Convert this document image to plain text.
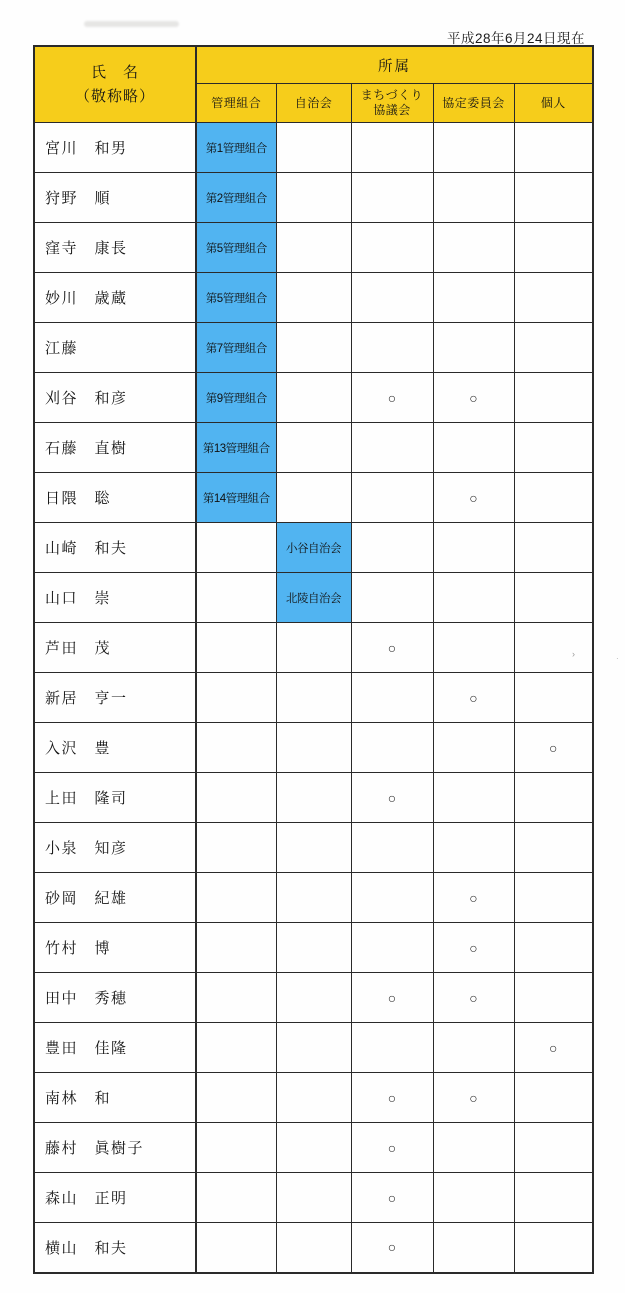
›	·
平成28年6月24日現在
氏　名
（敬称略）	所属				
	管理組合	自治会	まちづくり
協議会	協定委員会	個人
宮川　和男	第1管理組合				
狩野　順	第2管理組合				
窪寺　康長	第5管理組合				
妙川　歳蔵	第5管理組合				
江藤	第7管理組合				
刈谷　和彦	第9管理組合		○	○	
石藤　直樹	第13管理組合				
日隈　聡	第14管理組合			○	
山崎　和夫		小谷自治会			
山口　崇		北陵自治会			
芦田　茂			○		
新居　亨一				○	
入沢　豊					○
上田　隆司			○		
小泉　知彦					
砂岡　紀雄				○	
竹村　博				○	
田中　秀穂			○	○	
豊田　佳隆					○
南林　和			○	○	
藤村　眞樹子			○		
森山　正明			○		
横山　和夫			○		
